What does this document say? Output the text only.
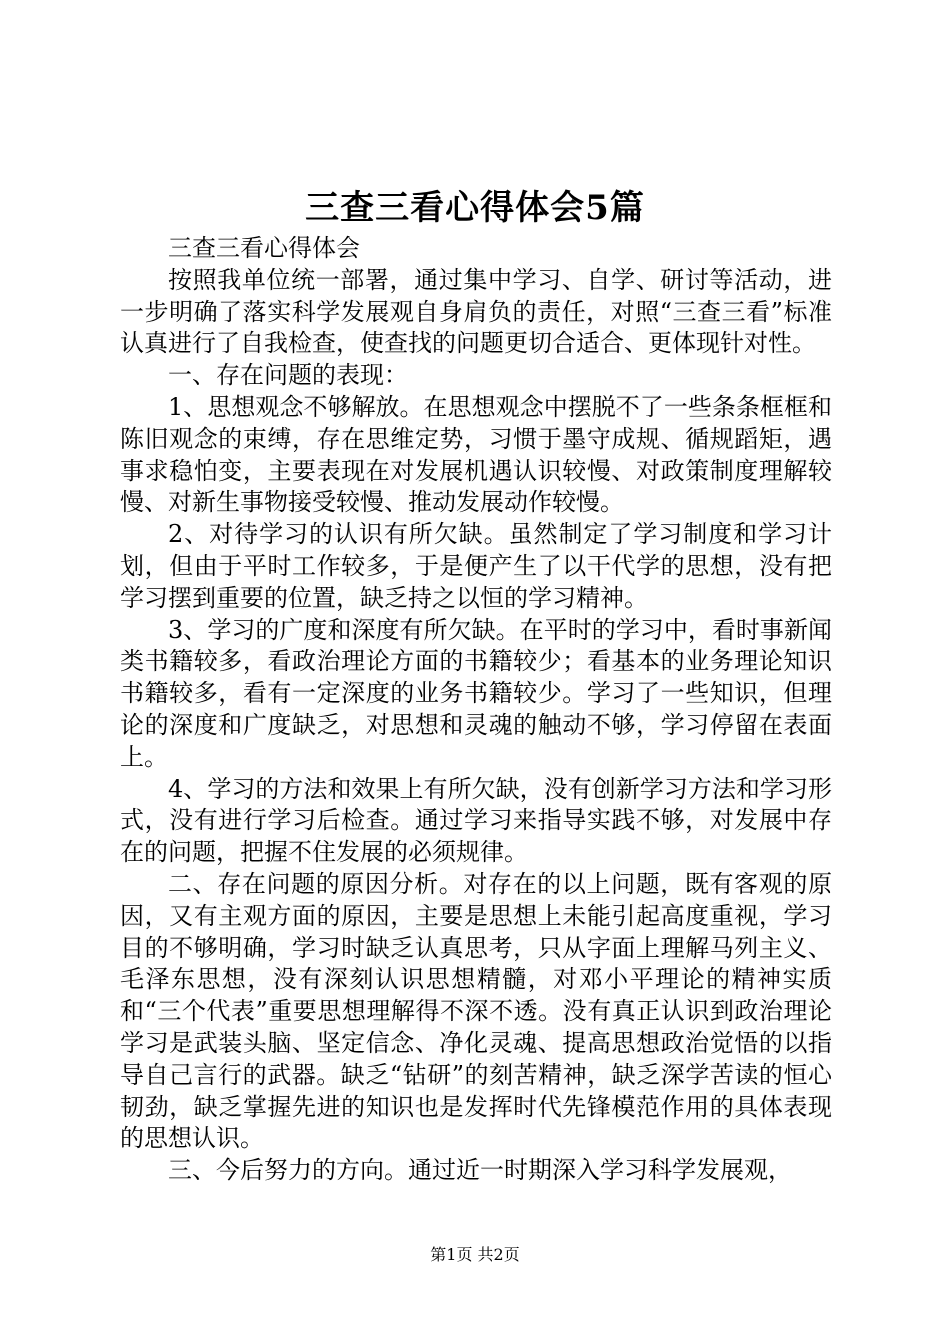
三查三看心得体会5篇

三查三看心得体会

按照我单位统一部署，通过集中学习、自学、研讨等活动，进一步明确了落实科学发展观自身肩负的责任，对照“三查三看”标准认真进行了自我检查，使查找的问题更切合适合、更体现针对性。

一、存在问题的表现：

1、思想观念不够解放。在思想观念中摆脱不了一些条条框框和陈旧观念的束缚，存在思维定势，习惯于墨守成规、循规蹈矩，遇事求稳怕变，主要表现在对发展机遇认识较慢、对政策制度理解较慢、对新生事物接受较慢、推动发展动作较慢。

2、对待学习的认识有所欠缺。虽然制定了学习制度和学习计划，但由于平时工作较多，于是便产生了以干代学的思想，没有把学习摆到重要的位置，缺乏持之以恒的学习精神。

3、学习的广度和深度有所欠缺。在平时的学习中，看时事新闻类书籍较多，看政治理论方面的书籍较少；看基本的业务理论知识书籍较多，看有一定深度的业务书籍较少。学习了一些知识，但理论的深度和广度缺乏，对思想和灵魂的触动不够，学习停留在表面上。

4、学习的方法和效果上有所欠缺，没有创新学习方法和学习形式，没有进行学习后检查。通过学习来指导实践不够，对发展中存在的问题，把握不住发展的必须规律。

二、存在问题的原因分析。对存在的以上问题，既有客观的原因，又有主观方面的原因，主要是思想上未能引起高度重视，学习目的不够明确，学习时缺乏认真思考，只从字面上理解马列主义、毛泽东思想，没有深刻认识思想精髓，对邓小平理论的精神实质和“三个代表”重要思想理解得不深不透。没有真正认识到政治理论学习是武装头脑、坚定信念、净化灵魂、提高思想政治觉悟的以指导自己言行的武器。缺乏“钻研”的刻苦精神，缺乏深学苦读的恒心韧劲，缺乏掌握先进的知识也是发挥时代先锋模范作用的具体表现的思想认识。

三、今后努力的方向。通过近一时期深入学习科学发展观，

第1页 共2页
